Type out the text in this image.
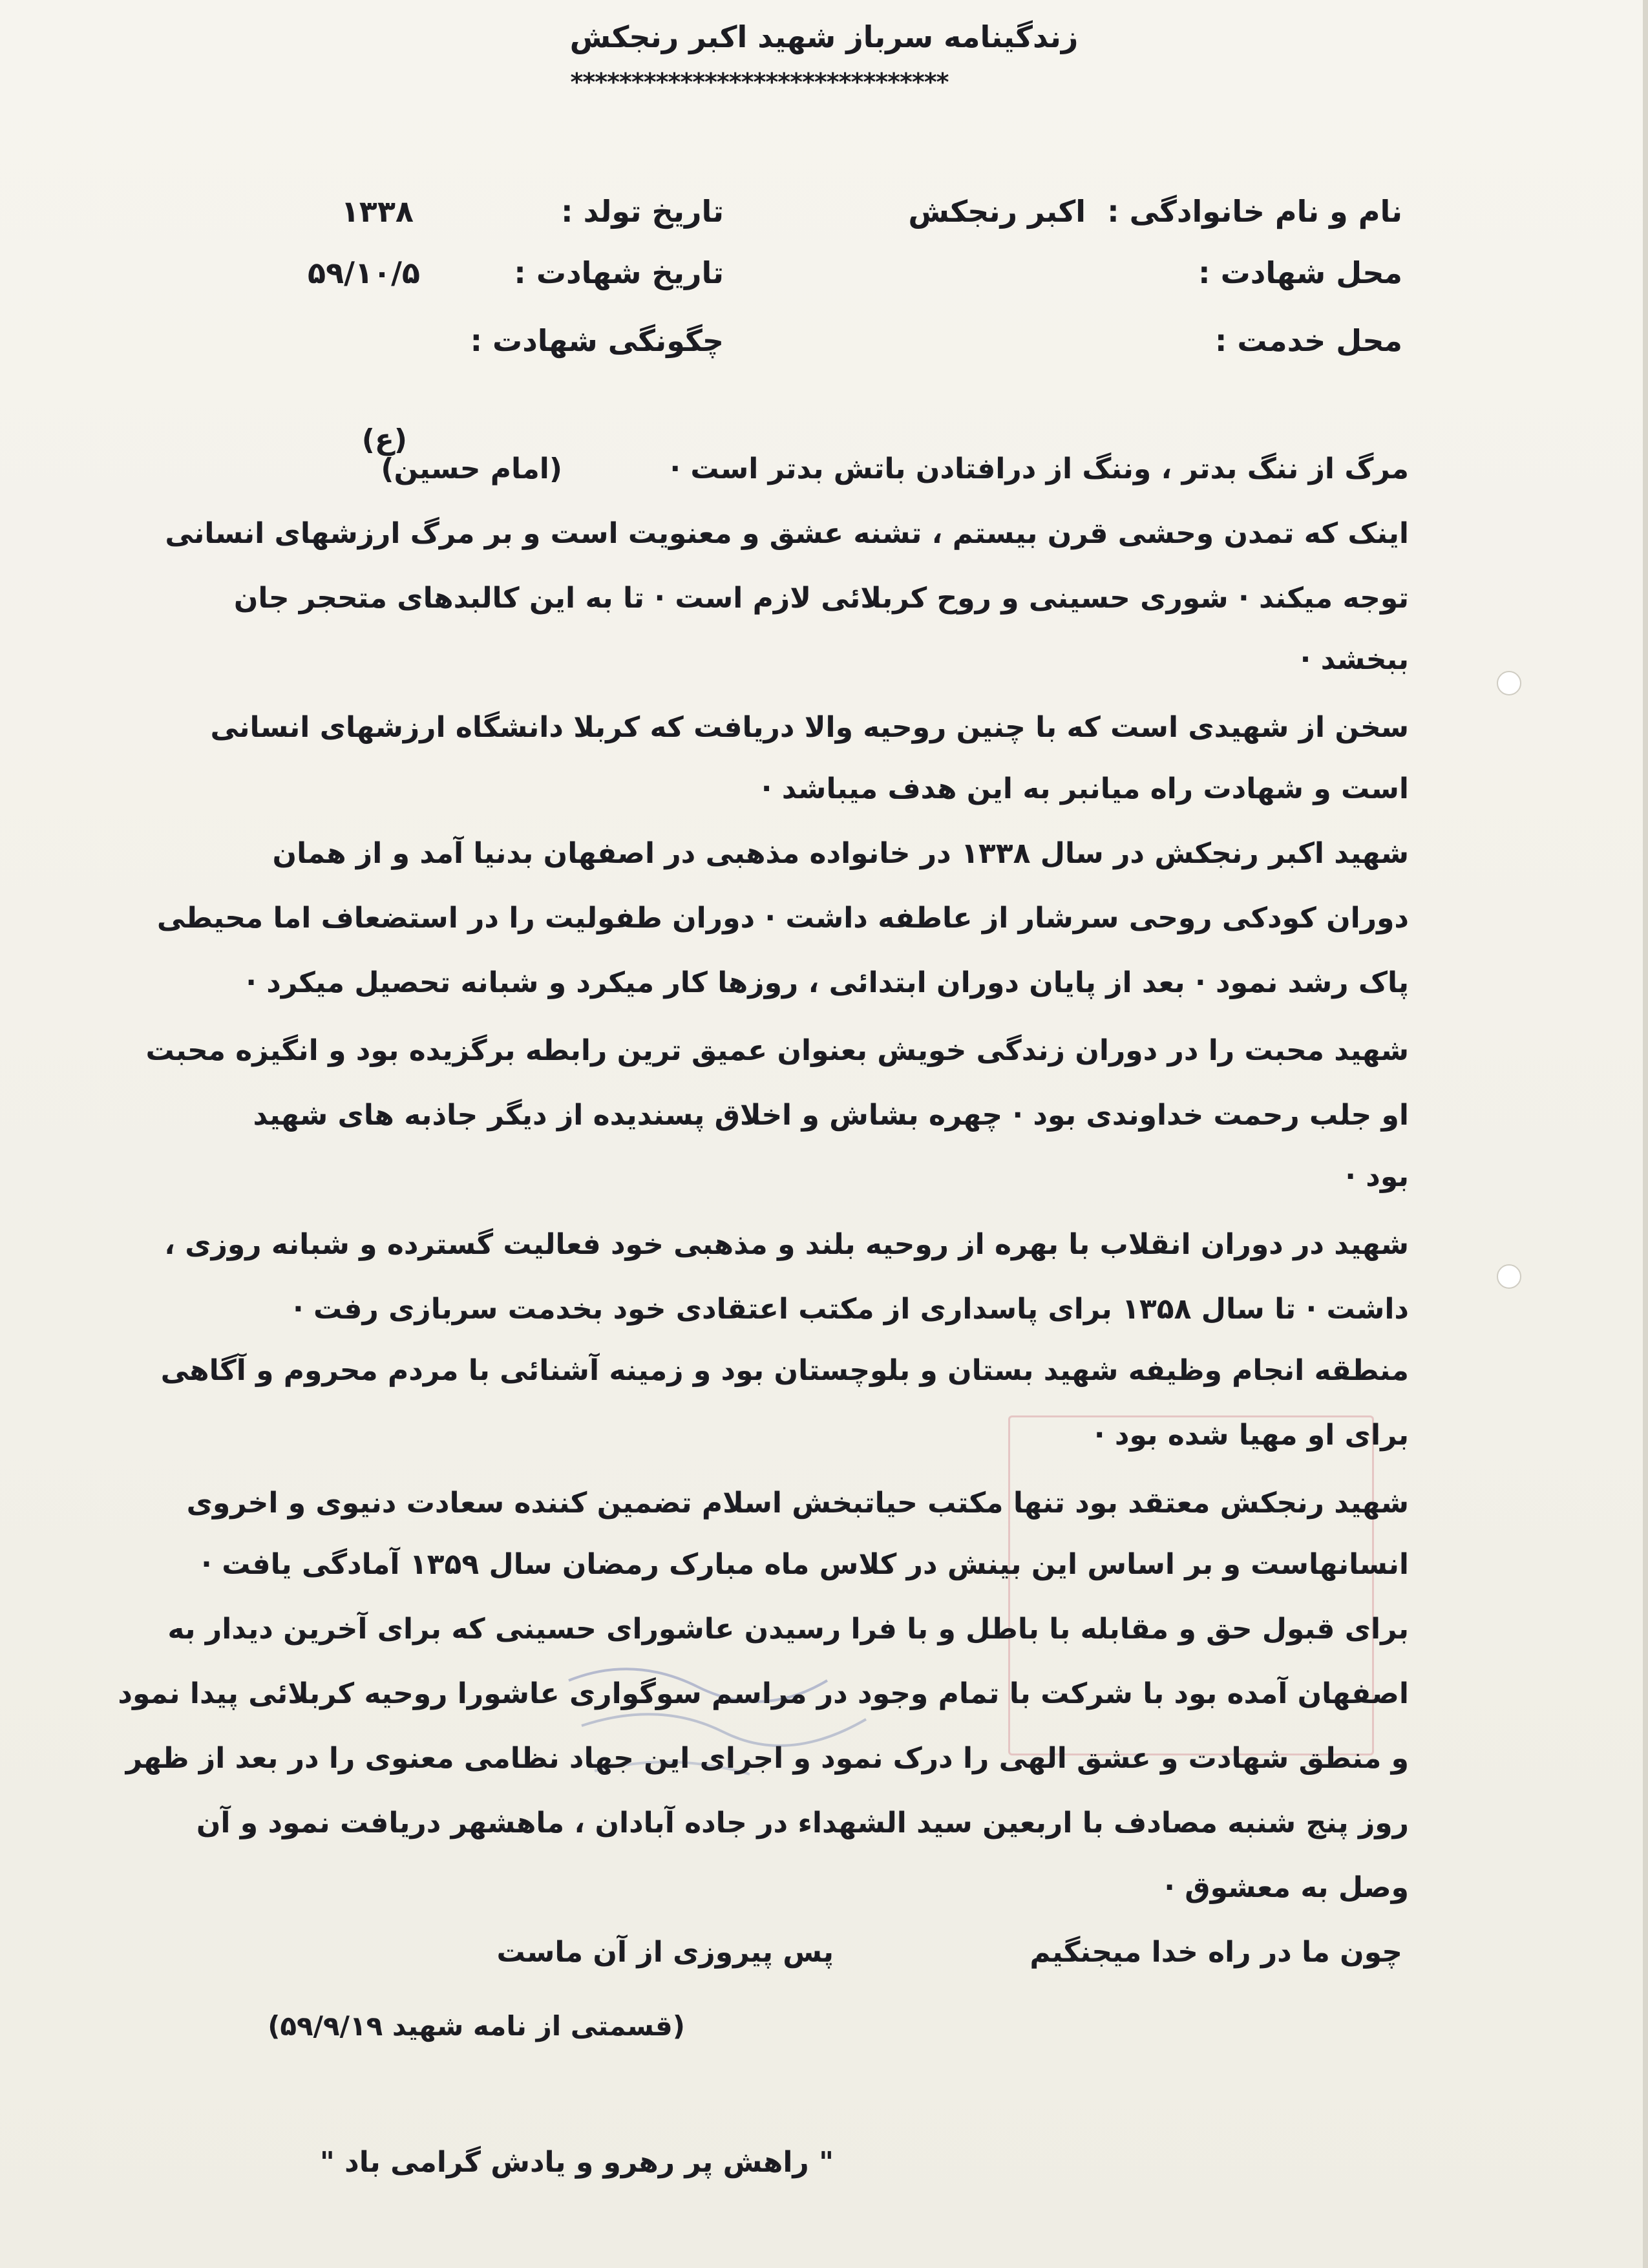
زندگینامه سرباز شهید اکبر رنجکش
*******************************
نام و نام خانوادگی :
اکبر رنجکش
تاریخ تولد :
۱۳۳۸
محل شهادت :
تاریخ شهادت :
۵۹/۱۰/۵
محل خدمت :
چگونگی شهادت :
(ع)
مرگ از ننگ بدتر ، وننگ از درافتادن باتش بدتر است ·
(امام حسین)
اینک که تمدن وحشی قرن بیستم ، تشنه عشق و معنویت است و بر مرگ ارزشهای انسانی
توجه میکند · شوری حسینی و روح کربلائی لازم است · تا به این کالبدهای متحجر جان
ببخشد ·
سخن از شهیدی است که با چنین روحیه والا دریافت که کربلا دانشگاه ارزشهای انسانی
است و شهادت راه میانبر به این هدف میباشد ·
شهید اکبر رنجکش در سال ۱۳۳۸ در خانواده مذهبی در اصفهان بدنیا آمد و از همان
دوران کودکی روحی سرشار از عاطفه داشت · دوران طفولیت را در استضعاف اما محیطی
پاک رشد نمود · بعد از پایان دوران ابتدائی ، روزها کار میکرد و شبانه تحصیل میکرد ·
شهید محبت را در دوران زندگی خویش بعنوان عمیق ترین رابطه برگزیده بود و انگیزه محبت
او جلب رحمت خداوندی بود · چهره بشاش و اخلاق پسندیده از دیگر جاذبه های شهید
بود ·
شهید در دوران انقلاب با بهره از روحیه بلند و مذهبی خود فعالیت گسترده و شبانه روزی ،
داشت · تا سال ۱۳۵۸ برای پاسداری از مکتب اعتقادی خود بخدمت سربازی رفت ·
منطقه انجام وظیفه شهید بستان و بلوچستان بود و زمینه آشنائی با مردم محروم و آگاهی
برای او مهیا شده بود ·
شهید رنجکش معتقد بود تنها مکتب حیاتبخش اسلام تضمین کننده سعادت دنیوی و اخروی
انسانهاست و بر اساس این بینش در کلاس ماه مبارک رمضان سال ۱۳۵۹ آمادگی یافت ·
برای قبول حق و مقابله با باطل و با فرا رسیدن عاشورای حسینی که برای آخرین دیدار به
اصفهان آمده بود با شرکت با تمام وجود در مراسم سوگواری عاشورا روحیه کربلائی پیدا نمود
و منطق شهادت و عشق الهی را درک نمود و اجرای این جهاد نظامی معنوی را در بعد از ظهر
روز پنج شنبه مصادف با اربعین سید الشهداء در جاده آبادان ، ماهشهر دریافت نمود و آن
وصل به معشوق ·
چون ما در راه خدا میجنگیم
پس پیروزی از آن ماست
(قسمتی از نامه شهید ۵۹/۹/۱۹)
" راهش پر رهرو و یادش گرامی باد "
